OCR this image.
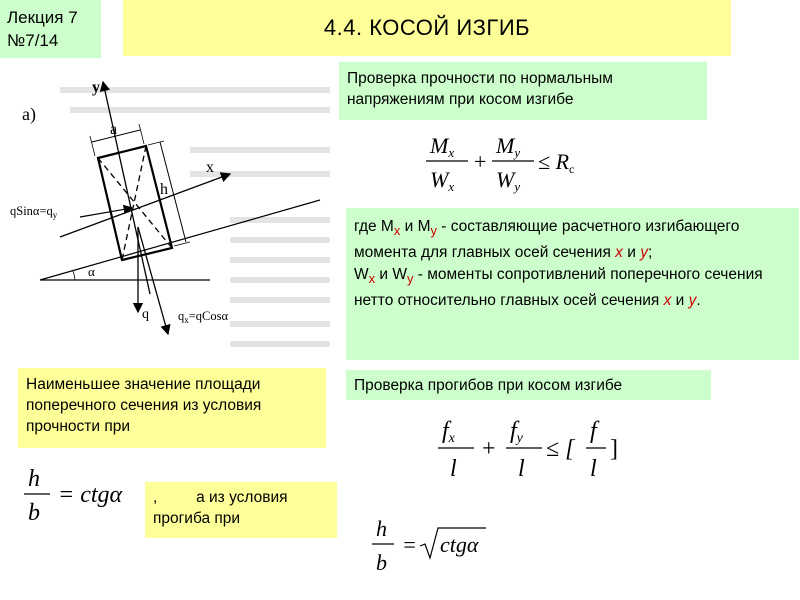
Лекция 7
№7/14
4.4. КОСОЙ ИЗГИБ
а)
y
x
a
h
$qSin\alpha=q_y$
α
q $q_x=qCos\alpha$
Проверка прочности по нормальным напряжениям при косом изгибе
Mx
Wx
+
My
Wy
≤ Rc
где $M_x$ и $M_y$ - составляющие расчетного изгибающего момента для главных осей сечения x и y;
$W_x$ и $W_y$ - моменты сопротивлений поперечного сечения нетто относительно главных осей сечения x и y.
Проверка прогибов при косом изгибе
Наименьшее значение площади поперечного сечения из условия прочности при
h
b
= ctgα	,	а из условия прогиба при
fx
l
+
fy
l
≤ [
f
l
]
h
b
= ctgα
